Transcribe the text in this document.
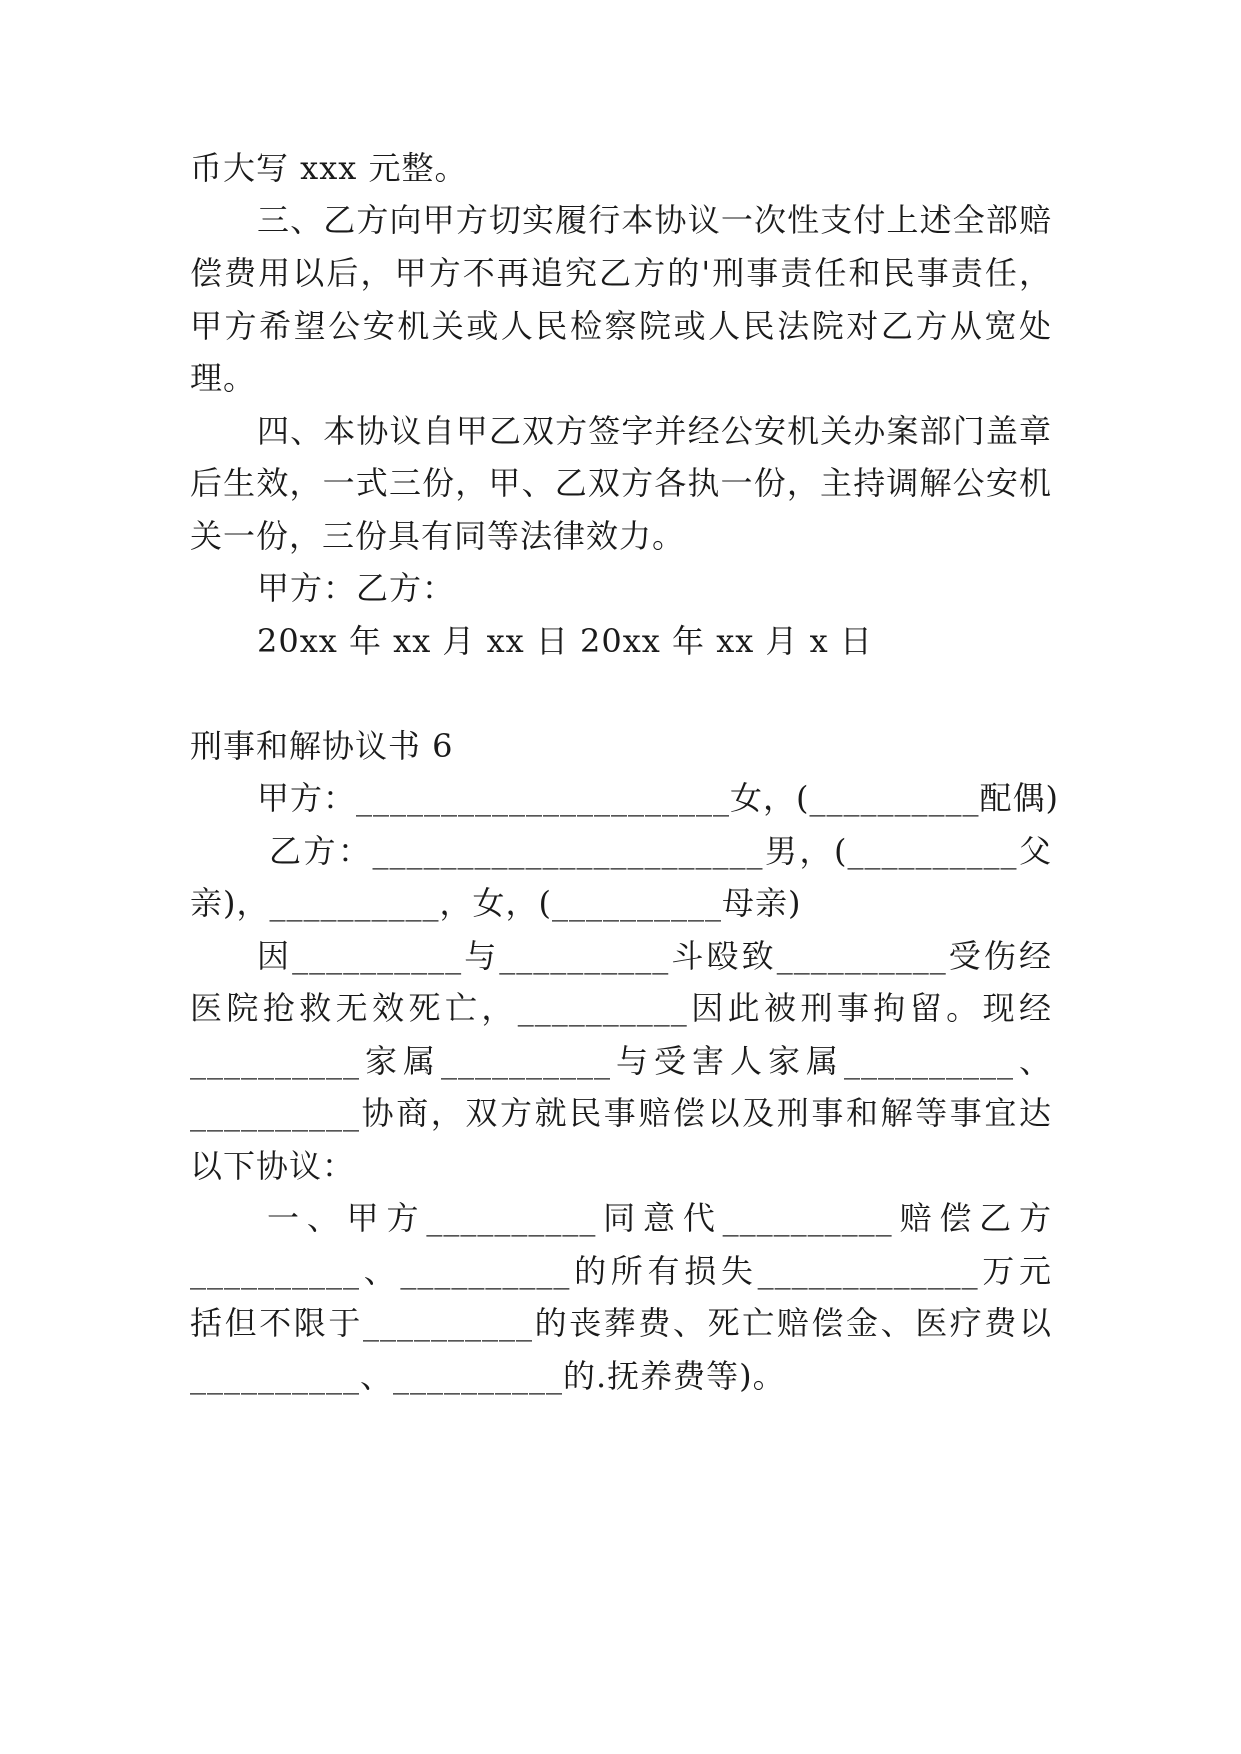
币大写 xxx 元整。
三、乙方向甲方切实履行本协议一次性支付上述全部赔
偿费用以后，甲方不再追究乙方的'刑事责任和民事责任，
甲方希望公安机关或人民检察院或人民法院对乙方从宽处
理。
四、本协议自甲乙双方签字并经公安机关办案部门盖章
后生效，一式三份，甲、乙双方各执一份，主持调解公安机
关一份，三份具有同等法律效力。
甲方：乙方：
20xx 年 xx 月 xx 日 20xx 年 xx 月 x 日
刑事和解协议书 6
甲方：______________________女，(__________配偶)
乙方：_______________________男，(__________父
亲)，__________，女，(__________母亲)
因__________与__________斗殴致__________受伤经
医院抢救无效死亡，__________因此被刑事拘留。现经
__________家属__________与受害人家属__________、
__________协商，双方就民事赔偿以及刑事和解等事宜达
以下协议：
一、甲方__________同意代__________赔偿乙方
__________、__________的所有损失_____________万元
括但不限于__________的丧葬费、死亡赔偿金、医疗费以
__________、__________的.抚养费等)。
